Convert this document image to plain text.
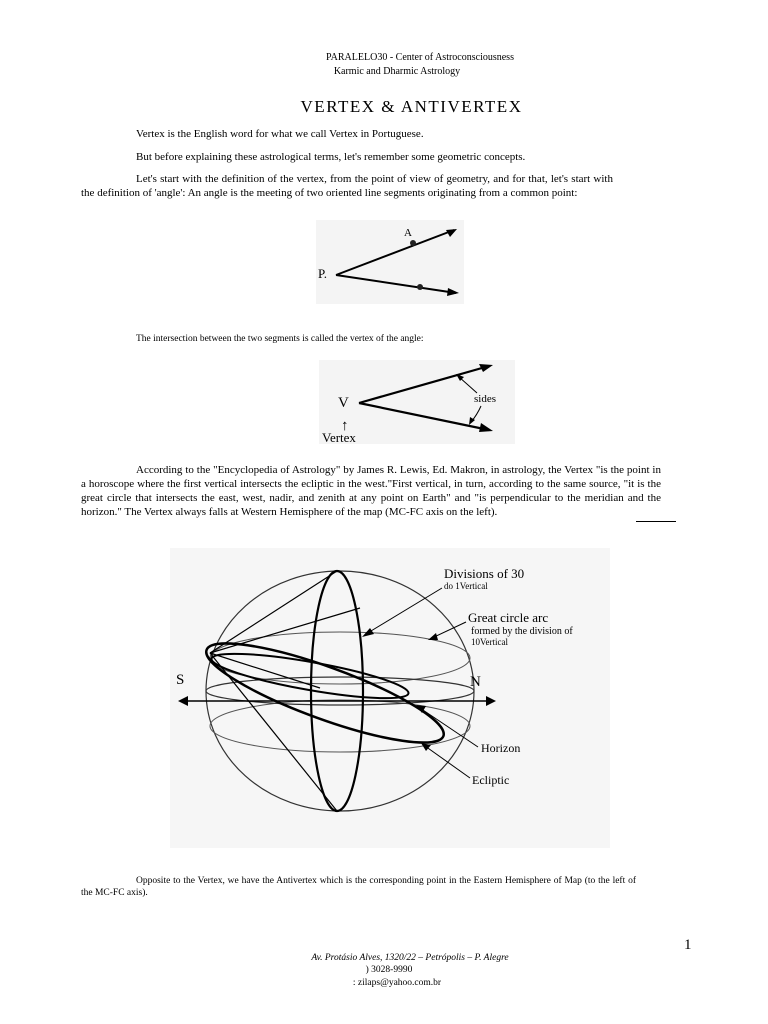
PARALELO30 - Center of Astroconsciousness
Karmic and Dharmic Astrology
VERTEX & ANTIVERTEX
Vertex is the English word for what we call Vertex in Portuguese.
But before explaining these astrological terms, let's remember some geometric concepts.
Let's start with the definition of the vertex, from the point of view of geometry, and for that, let's start with the definition of 'angle': An angle is the meeting of two oriented line segments originating from a common point:
A
P.
The intersection between the two segments is called the vertex of the angle:
V	sides
↑
Vertex
According to the "Encyclopedia of Astrology" by James R. Lewis, Ed. Makron, in astrology, the Vertex "is the point in a horoscope where the first vertical intersects the ecliptic in the west."First vertical, in turn, according to the same source, "it is the great circle that intersects the east, west, nadir, and zenith at any point on Earth" and "is perpendicular to the meridian and the horizon." The Vertex always falls at Western Hemisphere of the map (MC-FC axis on the left).
S	N
Divisions of 30
do 1Vertical
Great circle arc
formed by the division of
10Vertical
Horizon
Ecliptic
Opposite to the Vertex, we have the Antivertex which is the corresponding point in the Eastern Hemisphere of Map (to the left of the MC-FC axis).
1
Av. Protásio Alves, 1320/22 – Petrópolis – P. Alegre
) 3028-9990
: zilaps@yahoo.com.br
